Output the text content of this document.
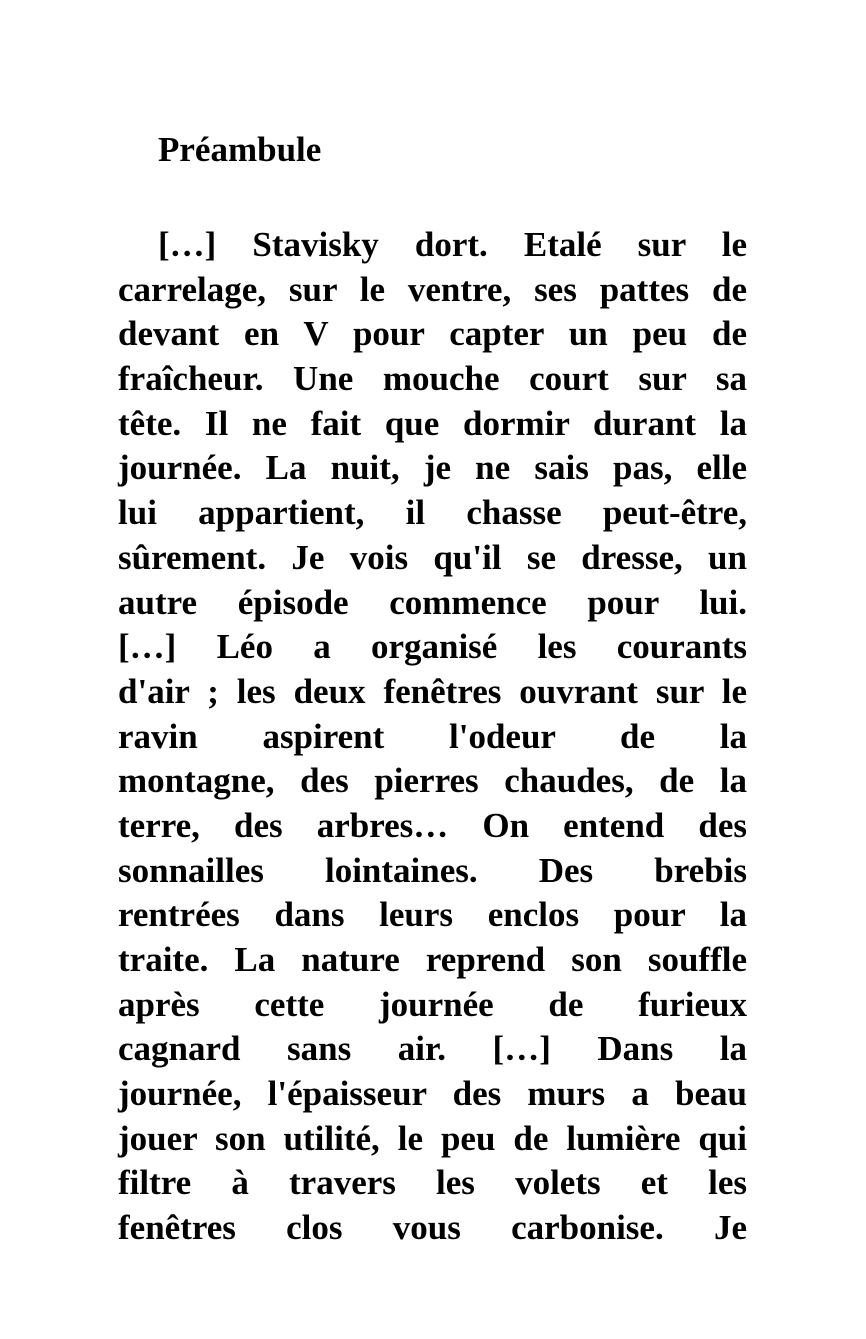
Préambule
[…] Stavisky dort. Etalé sur le
carrelage, sur le ventre, ses pattes de
devant en V pour capter un peu de
fraîcheur. Une mouche court sur sa
tête. Il ne fait que dormir durant la
journée. La nuit, je ne sais pas, elle
lui appartient, il chasse peut-être,
sûrement. Je vois qu'il se dresse, un
autre épisode commence pour lui.
[…] Léo a organisé les courants
d'air ; les deux fenêtres ouvrant sur le
ravin aspirent l'odeur de la
montagne, des pierres chaudes, de la
terre, des arbres… On entend des
sonnailles lointaines. Des brebis
rentrées dans leurs enclos pour la
traite. La nature reprend son souffle
après cette journée de furieux
cagnard sans air. […] Dans la
journée, l'épaisseur des murs a beau
jouer son utilité, le peu de lumière qui
filtre à travers les volets et les
fenêtres clos vous carbonise. Je
